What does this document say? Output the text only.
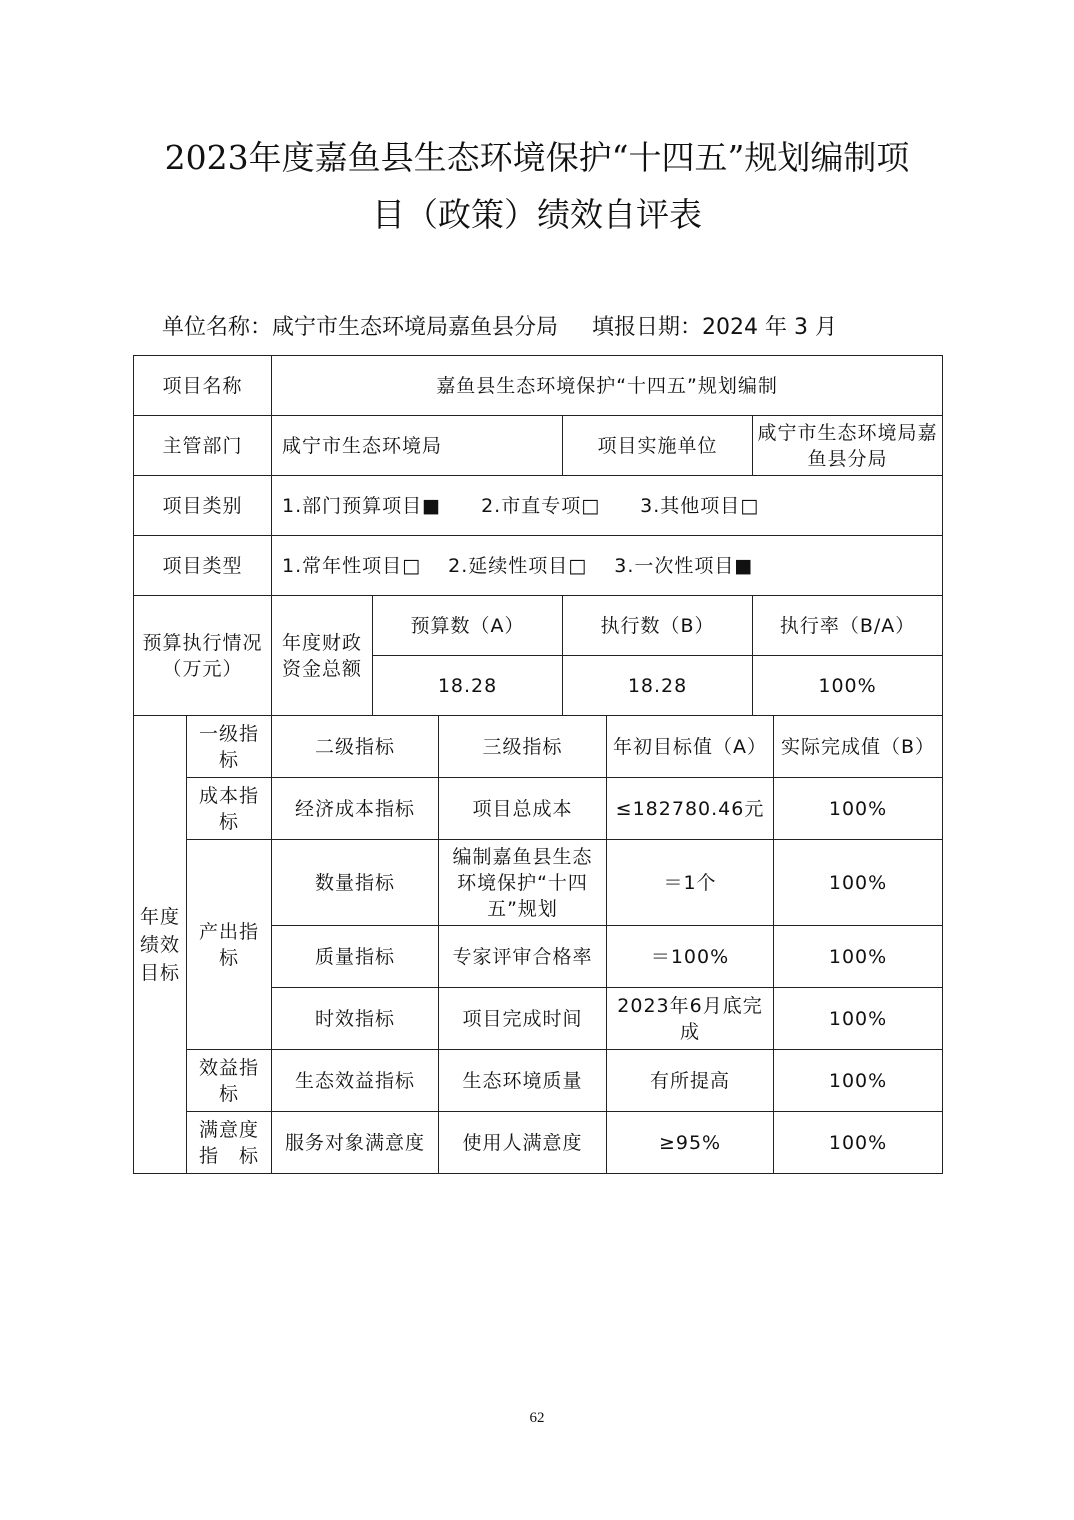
2023年度嘉鱼县生态环境保护“十四五”规划编制项
目（政策）绩效自评表
单位名称：咸宁市生态环境局嘉鱼县分局 填报日期：2024 年 3 月
项目名称		嘉鱼县生态环境保护“十四五”规划编制						
主管部门		咸宁市生态环境局			项目实施单位		咸宁市生态环境局嘉鱼县分局	
项目类别		1.部门预算项目■　　2.市直专项□　　3.其他项目□						
项目类型		1.常年性项目□　 2.延续性项目□　 3.一次性项目■						
预算执行情况（万元）		年度财政资金总额	预算数（A）		执行数（B）		执行率（B/A）	
			18.28		18.28		100%	
年度绩效目标	一级指标	二级指标		三级指标		年初目标值（A）		实际完成值（B）
	成本指标	经济成本指标		项目总成本		≤182780.46元		100%
	产出指标	数量指标		编制嘉鱼县生态环境保护“十四五”规划		＝1个		100%
		质量指标		专家评审合格率		＝100%		100%
		时效指标		项目完成时间		2023年6月底完成		100%
	效益指标	生态效益指标		生态环境质量		有所提高		100%
	满意度指　标	服务对象满意度		使用人满意度		≥95%		100%
62
